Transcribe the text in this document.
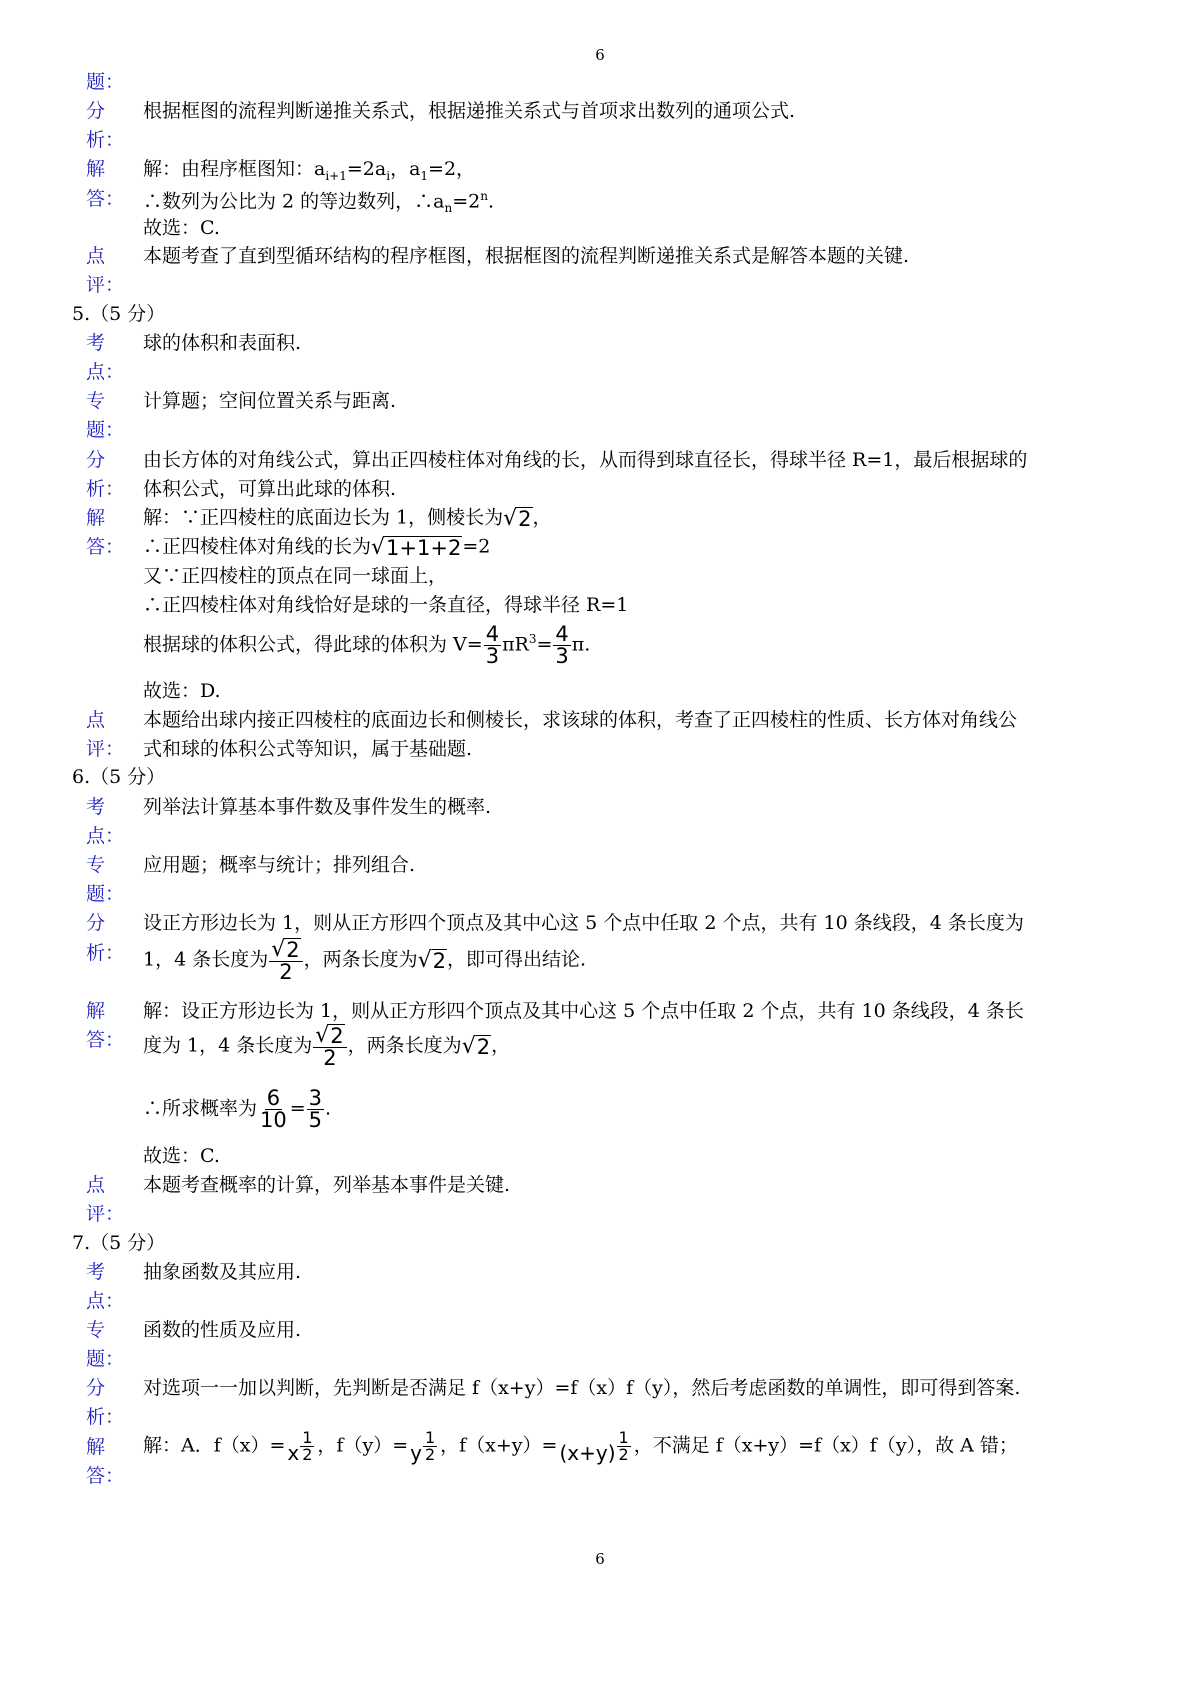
6
题：
分 根据框图的流程判断递推关系式，根据递推关系式与首项求出数列的通项公式.
析：
解 解：由程序框图知：$a_{i+1}=2a_i$，$a_1=2$，
答： ∴数列为公比为 2 的等边数列，$\therefore a_n=2^n$.
故选：C.
点 本题考查了直到型循环结构的程序框图，根据框图的流程判断递推关系式是解答本题的关键.
评：
5.（5 分）
考 球的体积和表面积.
点：
专 计算题；空间位置关系与距离.
题：
分 由长方体的对角线公式，算出正四棱柱体对角线的长，从而得到球直径长，得球半径 R=1，最后根据球的
析： 体积公式，可算出此球的体积.
解 解：∵正四棱柱的底面边长为 1，侧棱长为 √ 2 ，
答： ∴正四棱柱体对角线的长为 √ 1+1+2 =2
又∵正四棱柱的顶点在同一球面上，
∴正四棱柱体对角线恰好是球的一条直径，得球半径 R=1
根据球的体积公式，得此球的体积为 $V= \frac{4}{3} \pi R^3= \frac{4}{3} \pi$.
故选：D.
点 本题给出球内接正四棱柱的底面边长和侧棱长，求该球的体积，考查了正四棱柱的性质、长方体对角线公
评： 式和球的体积公式等知识，属于基础题.
6.（5 分）
考 列举法计算基本事件数及事件发生的概率.
点：
专 应用题；概率与统计；排列组合.
题：
分 设正方形边长为 1，则从正方形四个顶点及其中心这 5 个点中任取 2 个点，共有 10 条线段，4 条长度为
析： 1，4 条长度为 $\frac{√ 2}{2}$ ，两条长度为 √ 2 ，即可得出结论.
解 解：设正方形边长为 1，则从正方形四个顶点及其中心这 5 个点中任取 2 个点，共有 10 条线段，4 条长
答： 度为 1，4 条长度为 $\frac{√ 2}{2}$ ，两条长度为 √ 2 ，
∴所求概率为 $\frac{6}{10} = \frac{3}{5}$ .
故选：C.
点 本题考查概率的计算，列举基本事件是关键.
评：
7.（5 分）
考 抽象函数及其应用.
点：
专 函数的性质及应用.
题：
分 对选项一一加以判断，先判断是否满足 f（x+y）=f（x）f（y），然后考虑函数的单调性，即可得到答案.
析：
解 解：A．f（x）= x $\frac{1}{2}$ ，f（y）= y $\frac{1}{2}$ ，$f(x+y)= (x+y) \frac{1}{2}$ ，不满足 f（x+y）=f（x）f（y），故 A 错；
答：
6
